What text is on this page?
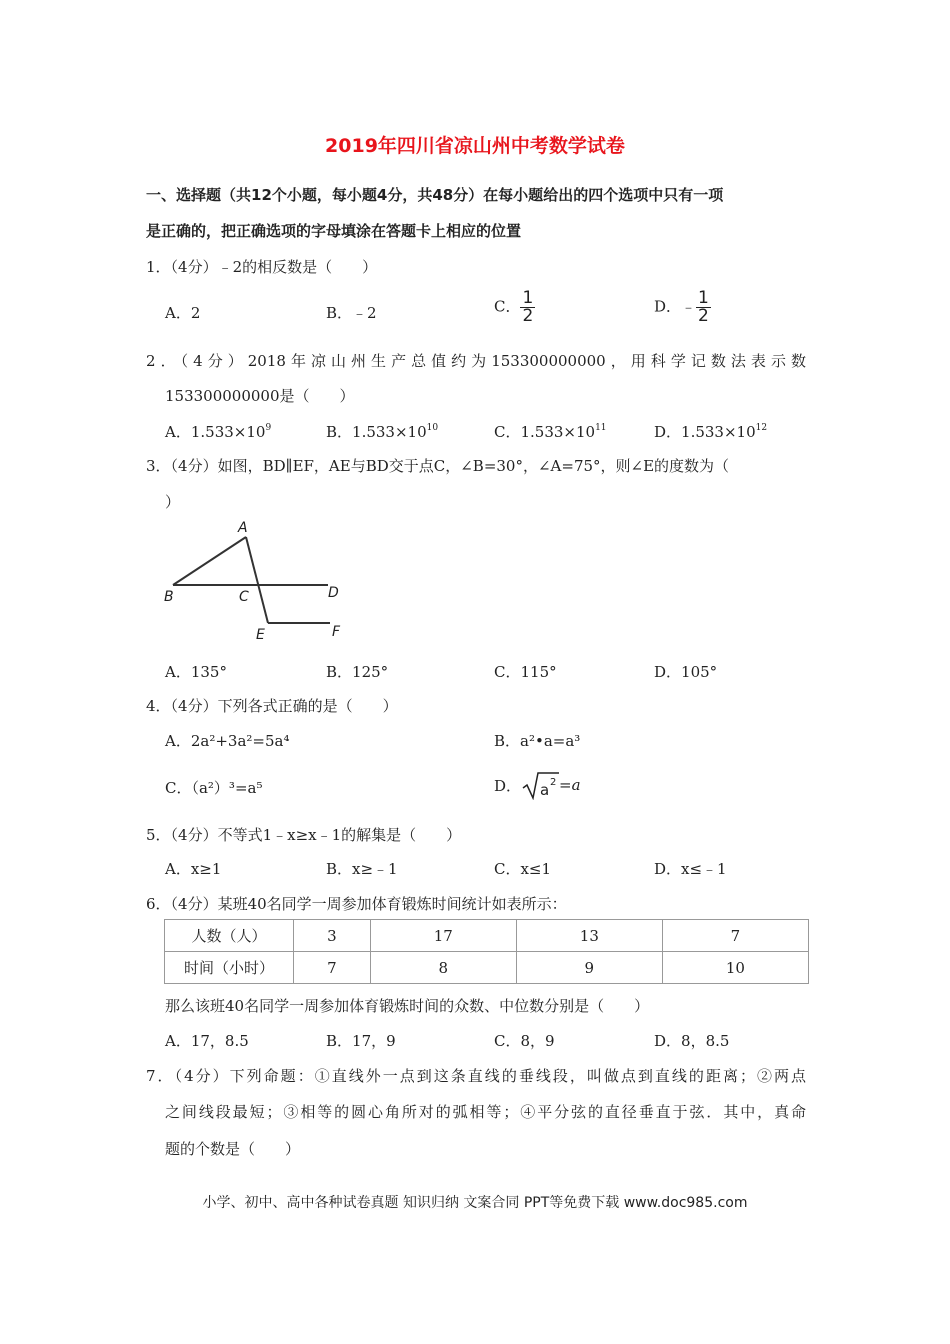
2019年四川省凉山州中考数学试卷
一、选择题（共12个小题，每小题4分，共48分）在每小题给出的四个选项中只有一项
是正确的，把正确选项的字母填涂在答题卡上相应的位置
1．（4分）﹣2的相反数是（　　）
A．2	B．﹣2	C． $\frac{1}{2}$	D．﹣ $\frac{1}{2}$
2．（4分）2018年凉山州生产总值约为153300000000，用科学记数法表示数
153300000000是（　　）
A．$1.533\times 10^9$	B．$1.533\times 10^{10}$	C．$1.533\times 10^{11}$	D．$1.533\times 10^{12}$
3．（4分）如图，BD∥EF，AE与BD交于点C，∠B=30°，∠A=75°，则∠E的度数为（
）
A
B	C	D
E	F
A．135°	B．125°	C．115°	D．105°
4．（4分）下列各式正确的是（　　）
A．2a²+3a²=5a⁴	B．a²•a=a³
C．（a²）³=a⁵	D． a 2 =a
5．（4分）不等式1﹣x≥x﹣1的解集是（　　）
A．x≥1	B．x≥﹣1	C．x≤1	D．x≤﹣1
6．（4分）某班40名同学一周参加体育锻炼时间统计如表所示：
人数（人）	3	17	13	7
时间（小时）	7	8	9	10
那么该班40名同学一周参加体育锻炼时间的众数、中位数分别是（　　）
A．17，8.5	B．17，9	C．8，9	D．8，8.5
7．（4分）下列命题：①直线外一点到这条直线的垂线段，叫做点到直线的距离；②两点
之间线段最短；③相等的圆心角所对的弧相等；④平分弦的直径垂直于弦．其中，真命
题的个数是（　　）
小学、初中、高中各种试卷真题 知识归纳 文案合同 PPT等免费下载 www.doc985.com
